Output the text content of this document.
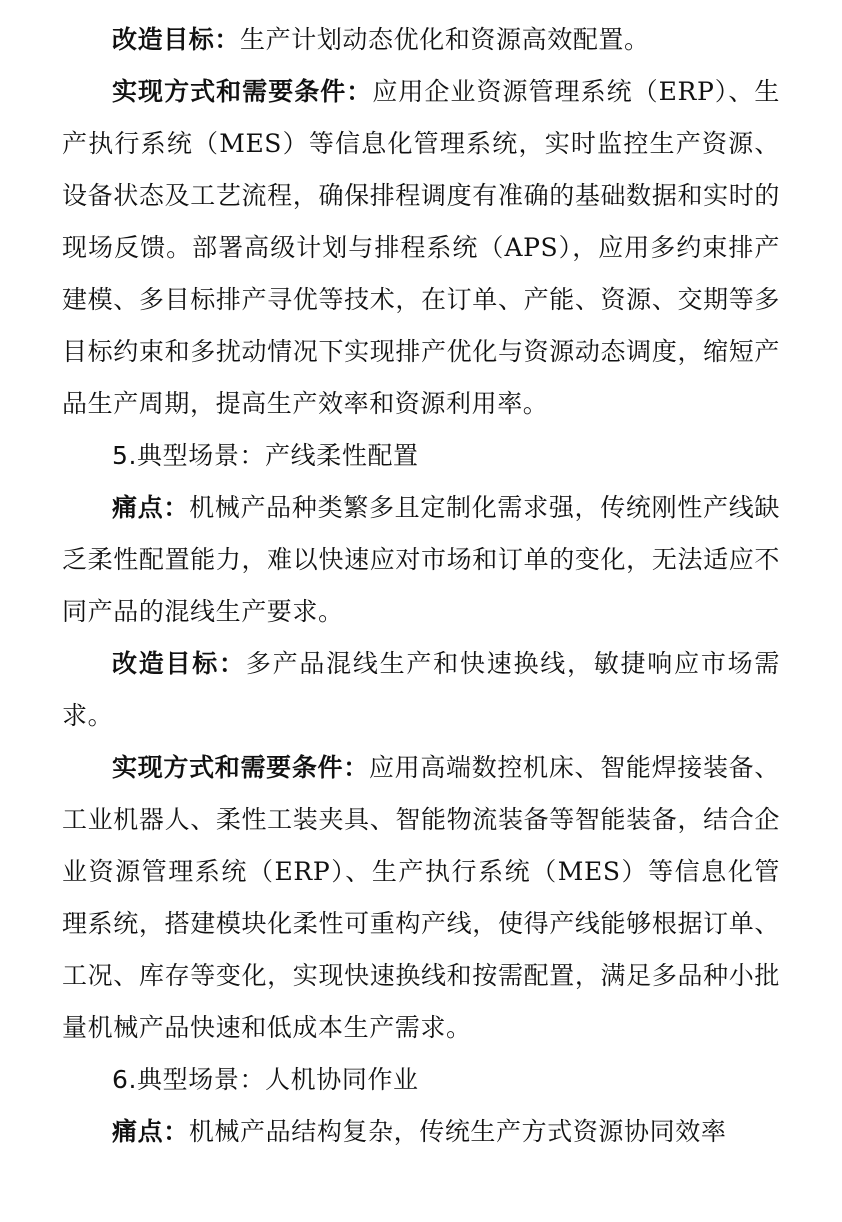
改造目标：生产计划动态优化和资源高效配置。

实现方式和需要条件：应用企业资源管理系统（ERP）、生产执行系统（MES）等信息化管理系统，实时监控生产资源、设备状态及工艺流程，确保排程调度有准确的基础数据和实时的现场反馈。部署高级计划与排程系统（APS），应用多约束排产建模、多目标排产寻优等技术，在订单、产能、资源、交期等多目标约束和多扰动情况下实现排产优化与资源动态调度，缩短产品生产周期，提高生产效率和资源利用率。

5.典型场景：产线柔性配置

痛点：机械产品种类繁多且定制化需求强，传统刚性产线缺乏柔性配置能力，难以快速应对市场和订单的变化，无法适应不同产品的混线生产要求。

改造目标：多产品混线生产和快速换线，敏捷响应市场需求。

实现方式和需要条件：应用高端数控机床、智能焊接装备、工业机器人、柔性工装夹具、智能物流装备等智能装备，结合企业资源管理系统（ERP）、生产执行系统（MES）等信息化管理系统，搭建模块化柔性可重构产线，使得产线能够根据订单、工况、库存等变化，实现快速换线和按需配置，满足多品种小批量机械产品快速和低成本生产需求。

6.典型场景：人机协同作业

痛点：机械产品结构复杂，传统生产方式资源协同效率
